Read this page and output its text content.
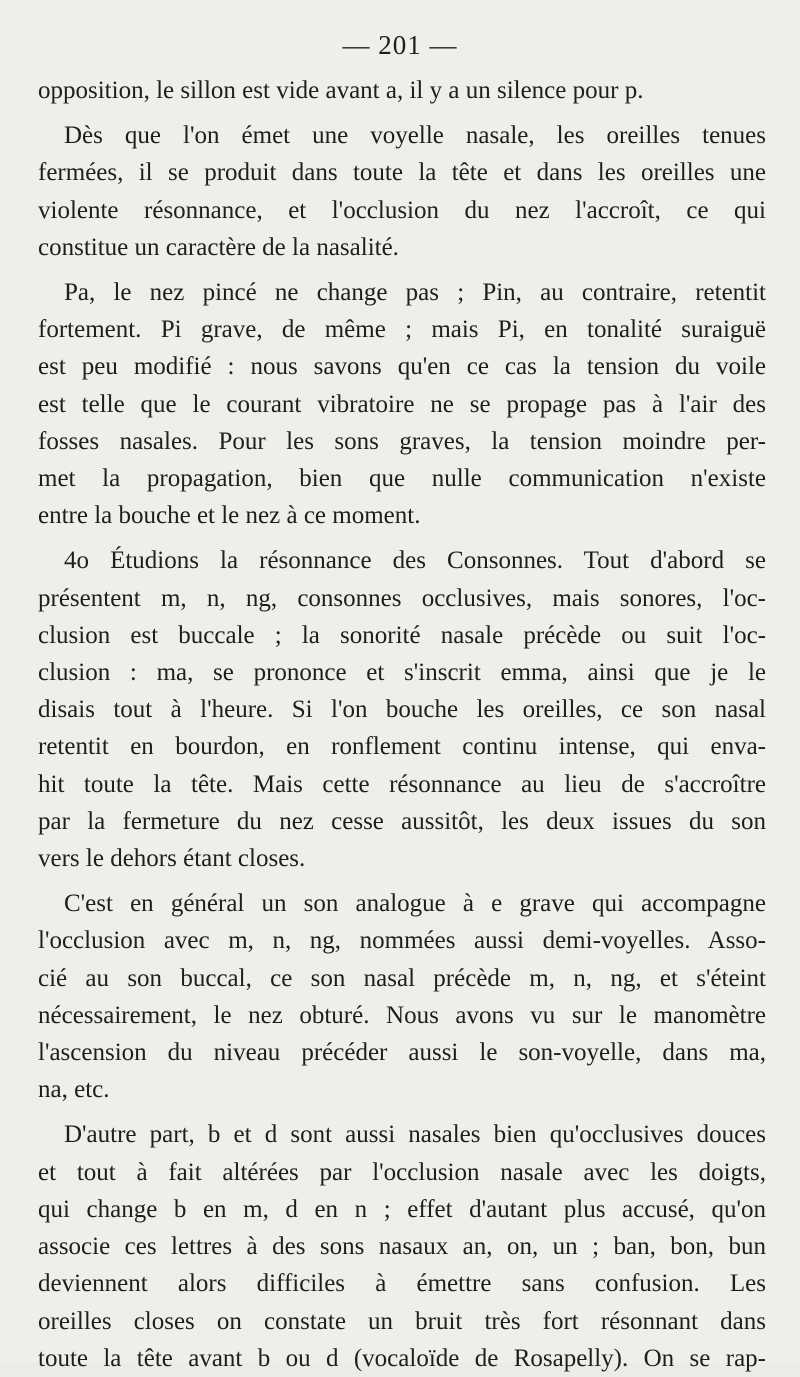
— 201 —

opposition, le sillon est vide avant a, il y a un silence pour p.
Dès que l'on émet une voyelle nasale, les oreilles tenues
fermées, il se produit dans toute la tête et dans les oreilles une
violente résonnance, et l'occlusion du nez l'accroît, ce qui
constitue un caractère de la nasalité.
Pa, le nez pincé ne change pas ; Pin, au contraire, retentit
fortement. Pi grave, de même ; mais Pi, en tonalité suraiguë
est peu modifié : nous savons qu'en ce cas la tension du voile
est telle que le courant vibratoire ne se propage pas à l'air des
fosses nasales. Pour les sons graves, la tension moindre per-
met la propagation, bien que nulle communication n'existe
entre la bouche et le nez à ce moment.
4o Étudions la résonnance des Consonnes. Tout d'abord se
présentent m, n, ng, consonnes occlusives, mais sonores, l'oc-
clusion est buccale ; la sonorité nasale précède ou suit l'oc-
clusion : ma, se prononce et s'inscrit emma, ainsi que je le
disais tout à l'heure. Si l'on bouche les oreilles, ce son nasal
retentit en bourdon, en ronflement continu intense, qui enva-
hit toute la tête. Mais cette résonnance au lieu de s'accroître
par la fermeture du nez cesse aussitôt, les deux issues du son
vers le dehors étant closes.
C'est en général un son analogue à e grave qui accompagne
l'occlusion avec m, n, ng, nommées aussi demi-voyelles. Asso-
cié au son buccal, ce son nasal précède m, n, ng, et s'éteint
nécessairement, le nez obturé. Nous avons vu sur le manomètre
l'ascension du niveau précéder aussi le son-voyelle, dans ma,
na, etc.
D'autre part, b et d sont aussi nasales bien qu'occlusives douces
et tout à fait altérées par l'occlusion nasale avec les doigts,
qui change b en m, d en n ; effet d'autant plus accusé, qu'on
associe ces lettres à des sons nasaux an, on, un ; ban, bon, bun
deviennent alors difficiles à émettre sans confusion. Les
oreilles closes on constate un bruit très fort résonnant dans
toute la tête avant b ou d (vocaloïde de Rosapelly). On se rap-
